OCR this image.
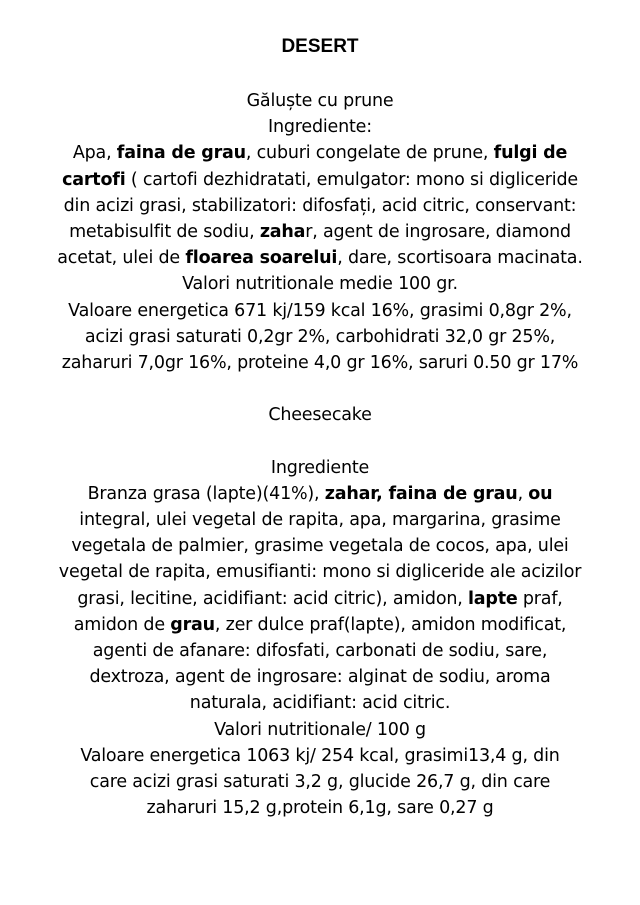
DESERT
Găluște cu prune
Ingrediente:
Apa, faina de grau, cuburi congelate de prune, fulgi de
cartofi ( cartofi dezhidratati, emulgator: mono si digliceride
din acizi grasi, stabilizatori: difosfați, acid citric, conservant:
metabisulfit de sodiu, zahar, agent de ingrosare, diamond
acetat, ulei de floarea soarelui, dare, scortisoara macinata.
Valori nutritionale medie 100 gr.
Valoare energetica 671 kj/159 kcal 16%, grasimi 0,8gr 2%,
acizi grasi saturati 0,2gr 2%, carbohidrati 32,0 gr 25%,
zaharuri 7,0gr 16%, proteine 4,0 gr 16%, saruri 0.50 gr 17%
Cheesecake
Ingrediente
Branza grasa (lapte)(41%), zahar, faina de grau, ou
integral, ulei vegetal de rapita, apa, margarina, grasime
vegetala de palmier, grasime vegetala de cocos, apa, ulei
vegetal de rapita, emusifianti: mono si digliceride ale acizilor
grasi, lecitine, acidifiant: acid citric), amidon, lapte praf,
amidon de grau, zer dulce praf(lapte), amidon modificat,
agenti de afanare: difosfati, carbonati de sodiu, sare,
dextroza, agent de ingrosare: alginat de sodiu, aroma
naturala, acidifiant: acid citric.
Valori nutritionale/ 100 g
Valoare energetica 1063 kj/ 254 kcal, grasimi13,4 g, din
care acizi grasi saturati 3,2 g, glucide 26,7 g, din care
zaharuri 15,2 g,protein 6,1g, sare 0,27 g
